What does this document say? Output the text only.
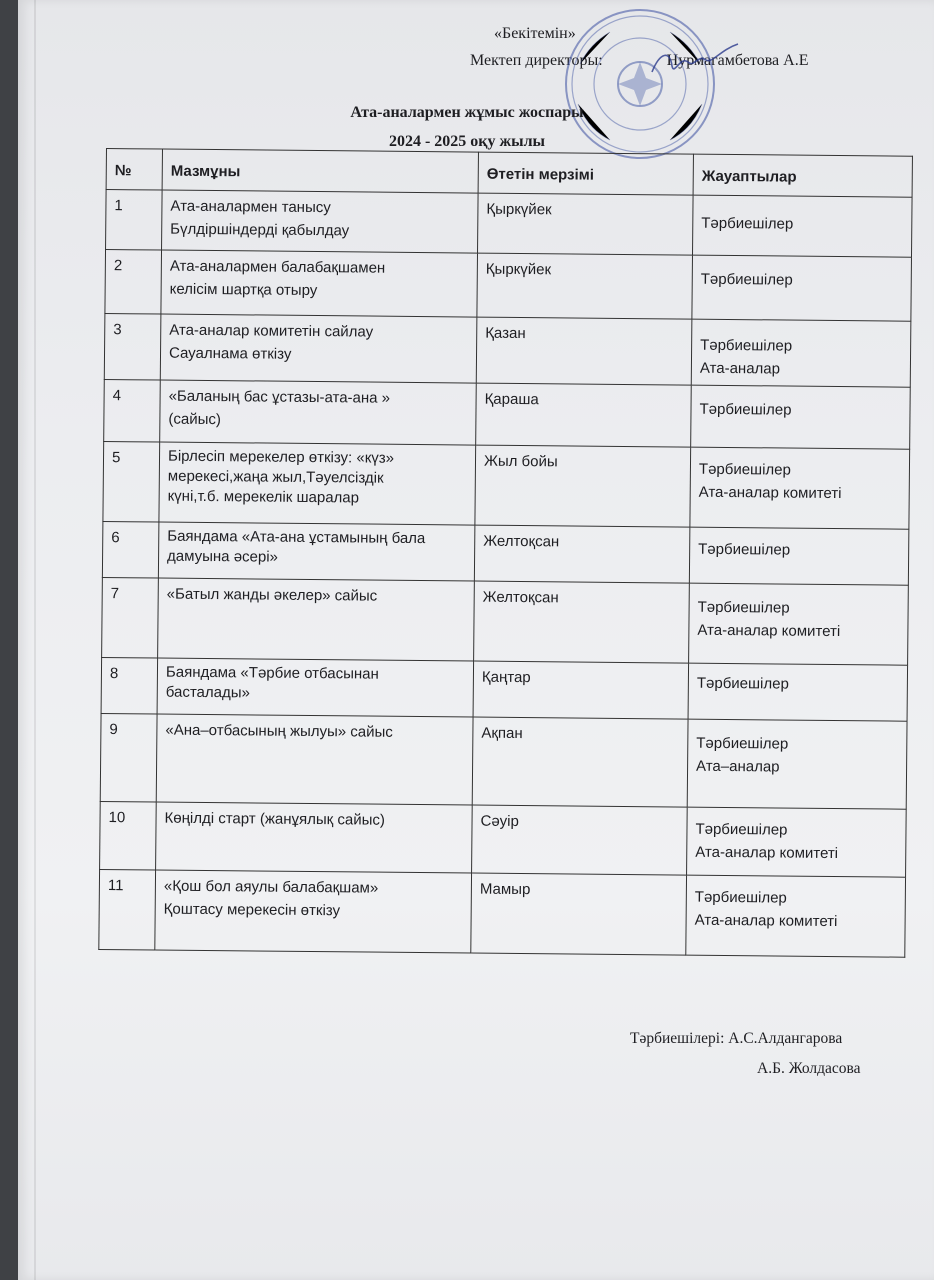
«Бекітемін»
Мектеп директоры:                Нурмагамбетова А.Е
Ата-аналармен жұмыс жоспары
2024 - 2025 оқу жылы
№	Мазмұны	Өтетін мерзімі	Жауаптылар
1	Ата-аналармен танысу
Бүлдіршіндерді қабылдау	Қыркүйек	Тәрбиешілер

2	Ата-аналармен балабақшамен
келісім шартқа отыру	Қыркүйек	Тәрбиешілер

3	Ата-аналар комитетін сайлау
Сауалнама өткізу	Қазан	Тәрбиешілер
Ата-аналар

4	«Баланың бас ұстазы-ата-ана »
(сайыс)	Қараша	Тәрбиешілер

5	Бірлесіп мерекелер өткізу: «күз»
мерекесі,жаңа жыл,Тәуелсіздік
күні,т.б. мерекелік шаралар	Жыл бойы	Тәрбиешілер
Ата-аналар комитеті

6	Баяндама «Ата-ана ұстамының бала
дамуына әсері»	Желтоқсан	Тәрбиешілер

7	«Батыл жанды әкелер» сайыс	Желтоқсан	Тәрбиешілер
Ата-аналар комитеті

8	Баяндама «Тәрбие отбасынан
басталады»	Қаңтар	Тәрбиешілер

9	«Ана–отбасының жылуы» сайыс	Ақпан	Тәрбиешілер
Ата–аналар

10	Көңілді старт (жанұялық сайыс)	Сәуір	Тәрбиешілер
Ата-аналар комитеті

11	«Қош бол аяулы балабақшам»
Қоштасу мерекесін өткізу	Мамыр	Тәрбиешілер
Ата-аналар комитеті
Тәрбиешілері: А.С.Алдангарова
А.Б. Жолдасова
